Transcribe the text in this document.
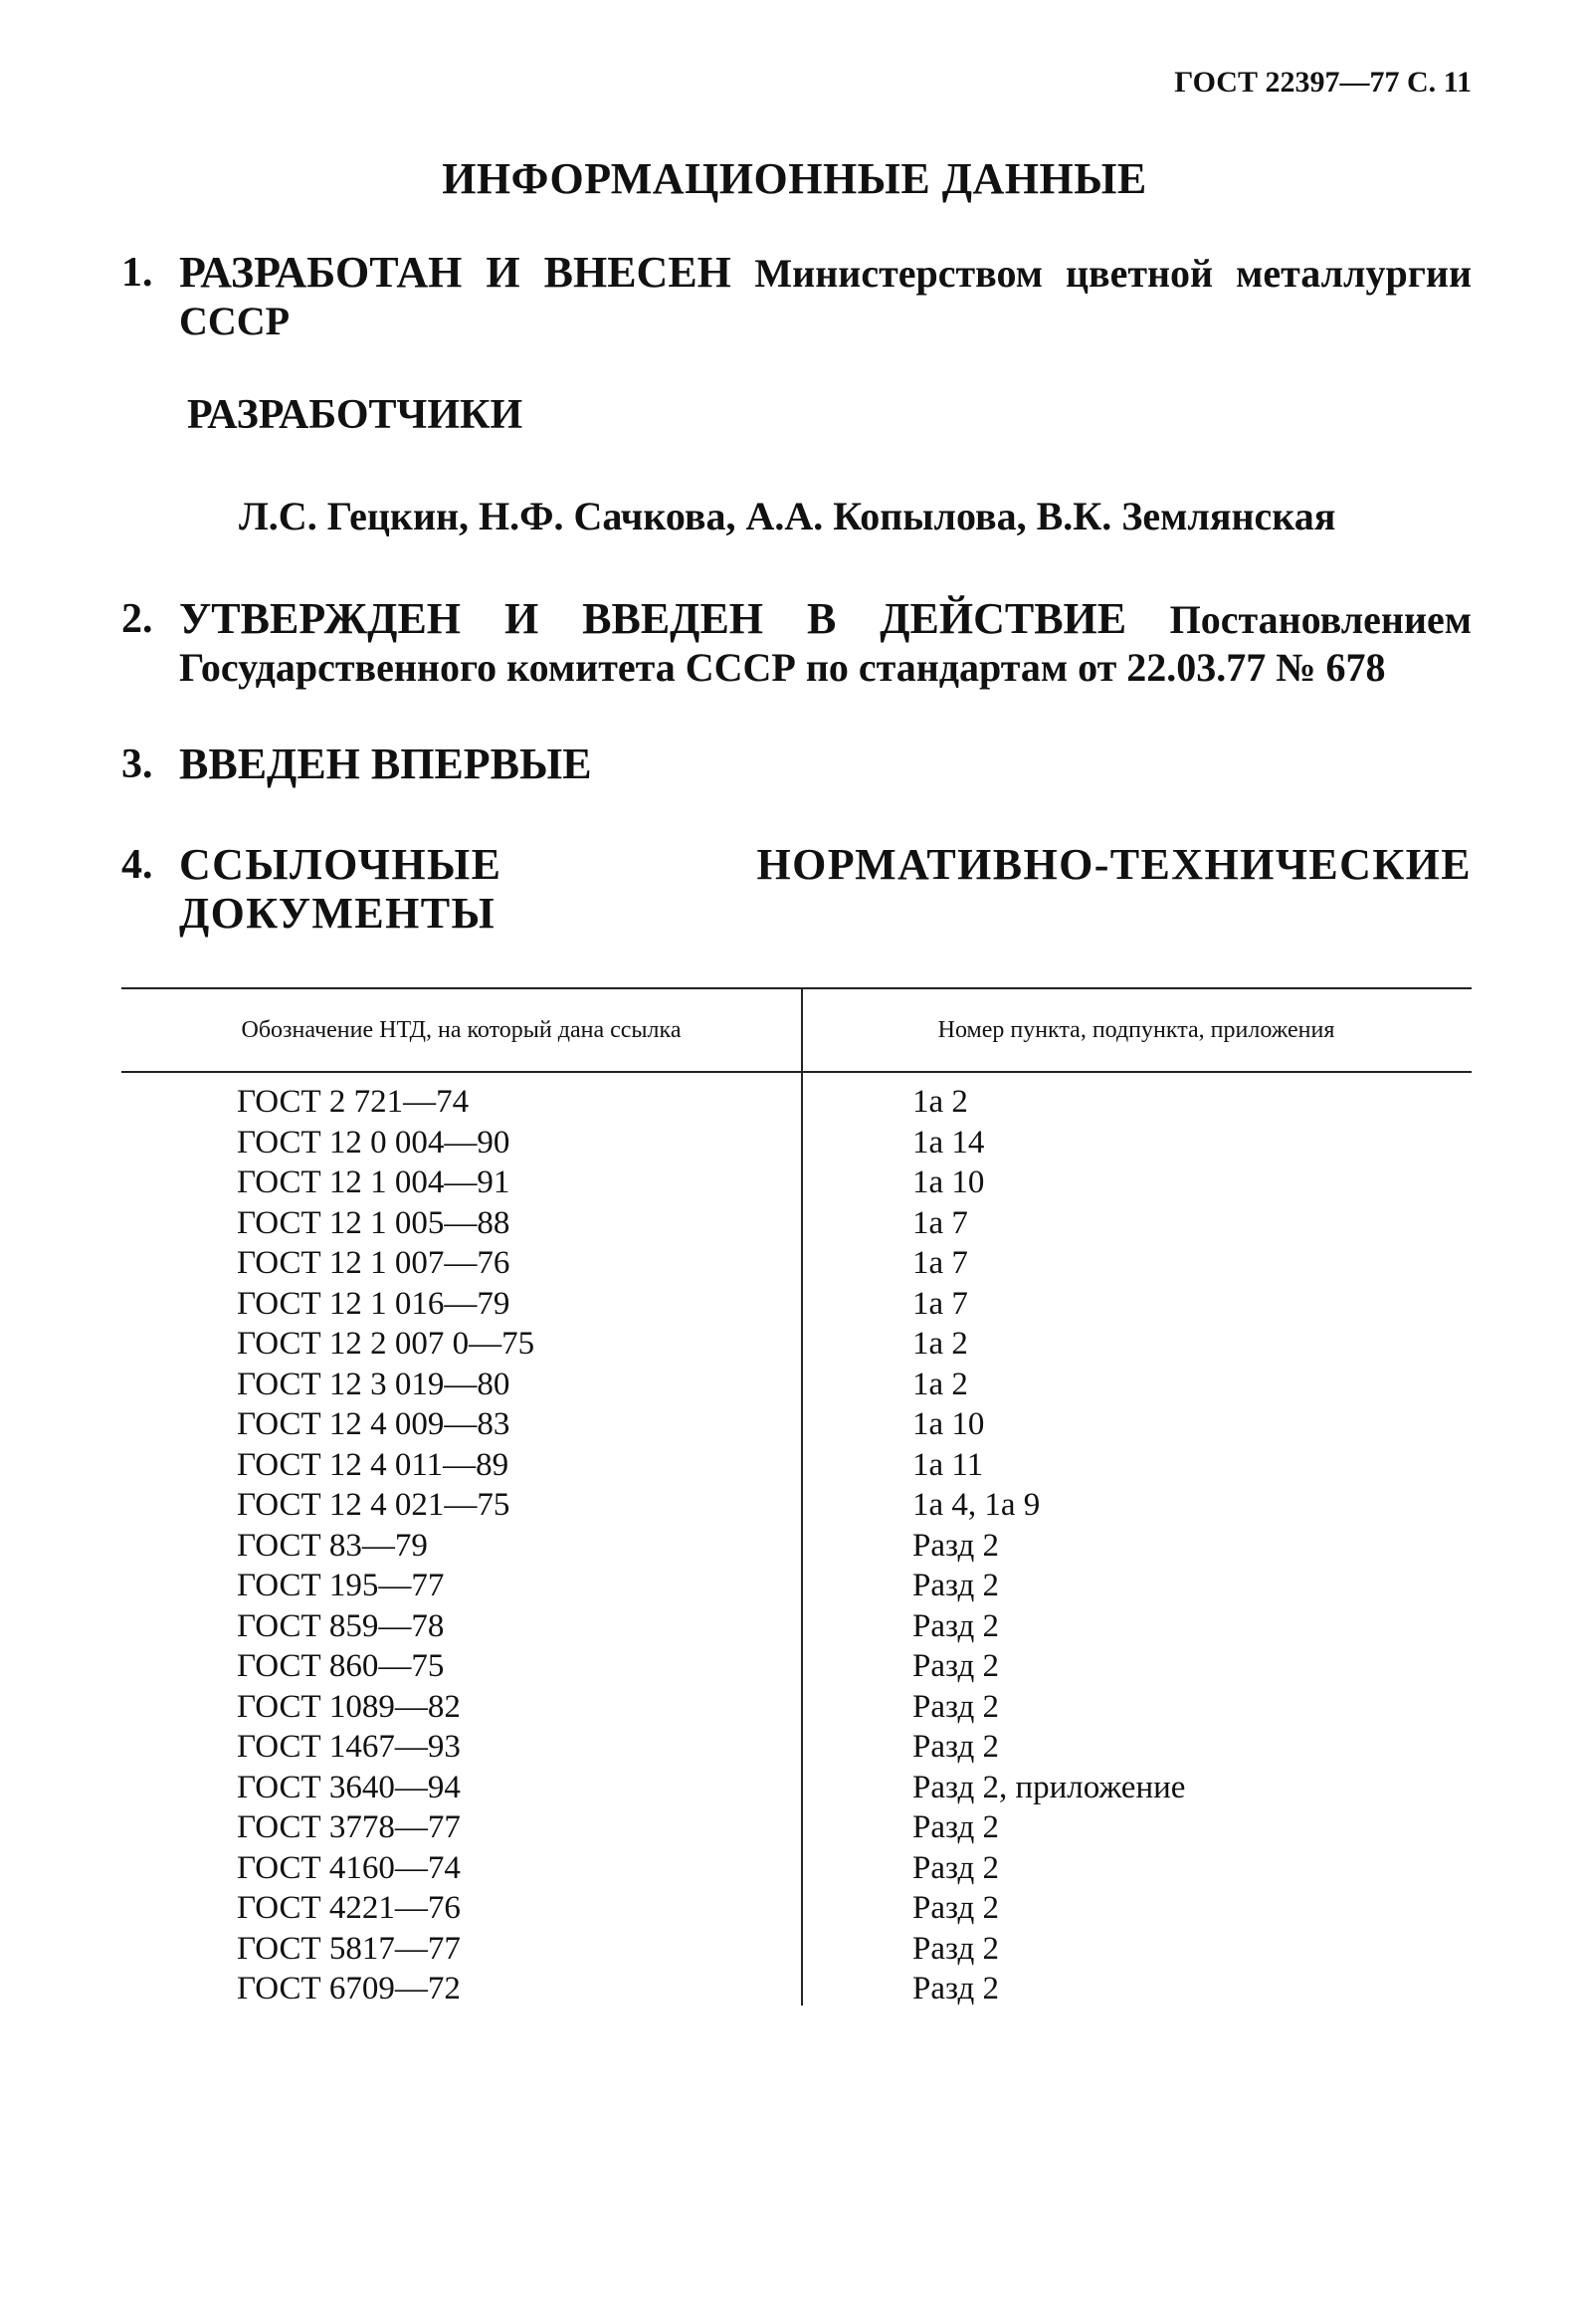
ГОСТ 22397—77 С. 11
ИНФОРМАЦИОННЫЕ ДАННЫЕ
1. РАЗРАБОТАН И ВНЕСЕН Министерством цветной металлургии СССР
РАЗРАБОТЧИКИ
Л.С. Гецкин, Н.Ф. Сачкова, А.А. Копылова, В.К. Землянская
2. УТВЕРЖДЕН И ВВЕДЕН В ДЕЙСТВИЕ Постановлением Государственного комитета СССР по стандартам от 22.03.77 № 678
3. ВВЕДЕН ВПЕРВЫЕ
4. ССЫЛОЧНЫЕ НОРМАТИВНО-ТЕХНИЧЕСКИЕ ДОКУМЕНТЫ
Обозначение НТД, на который дана ссылка	Номер пункта, подпункта, приложения
ГОСТ 2 721—74	1а 2
ГОСТ 12 0 004—90	1а 14
ГОСТ 12 1 004—91	1а 10
ГОСТ 12 1 005—88	1а 7
ГОСТ 12 1 007—76	1а 7
ГОСТ 12 1 016—79	1а 7
ГОСТ 12 2 007 0—75	1а 2
ГОСТ 12 3 019—80	1а 2
ГОСТ 12 4 009—83	1а 10
ГОСТ 12 4 011—89	1а 11
ГОСТ 12 4 021—75	1а 4, 1а 9
ГОСТ 83—79	Разд 2
ГОСТ 195—77	Разд 2
ГОСТ 859—78	Разд 2
ГОСТ 860—75	Разд 2
ГОСТ 1089—82	Разд 2
ГОСТ 1467—93	Разд 2
ГОСТ 3640—94	Разд 2, приложение
ГОСТ 3778—77	Разд 2
ГОСТ 4160—74	Разд 2
ГОСТ 4221—76	Разд 2
ГОСТ 5817—77	Разд 2
ГОСТ 6709—72	Разд 2
